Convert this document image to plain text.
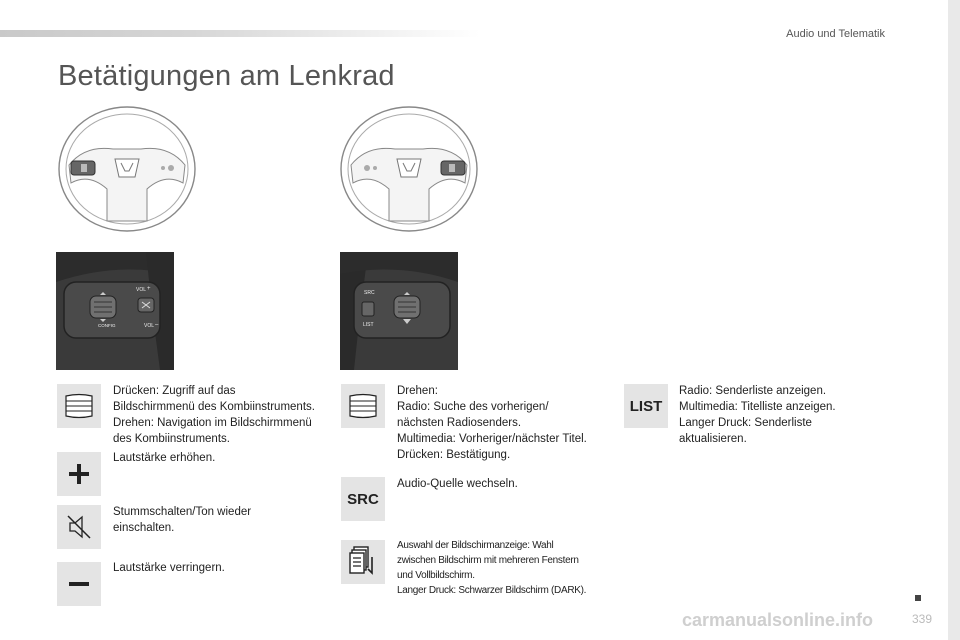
Audio und Telematik
Betätigungen am Lenkrad
VOL +
VOL –
CONFIG
SRC
LIST
Drücken: Zugriff auf das
Bildschirmmenü des Kombiinstruments.
Drehen: Navigation im Bildschirmmenü
des Kombiinstruments.
Lautstärke erhöhen.
Stummschalten/Ton wieder
einschalten.
Lautstärke verringern.
Drehen:
Radio: Suche des vorherigen/
nächsten Radiosenders.
Multimedia: Vorheriger/nächster Titel.
Drücken: Bestätigung.
SRC
Audio-Quelle wechseln.
Auswahl der Bildschirmanzeige: Wahl
zwischen Bildschirm mit mehreren Fenstern
und Vollbildschirm.
Langer Druck: Schwarzer Bildschirm (DARK).
LIST
Radio: Senderliste anzeigen.
Multimedia: Titelliste anzeigen.
Langer Druck: Senderliste
aktualisieren.
carmanualsonline.info	339
